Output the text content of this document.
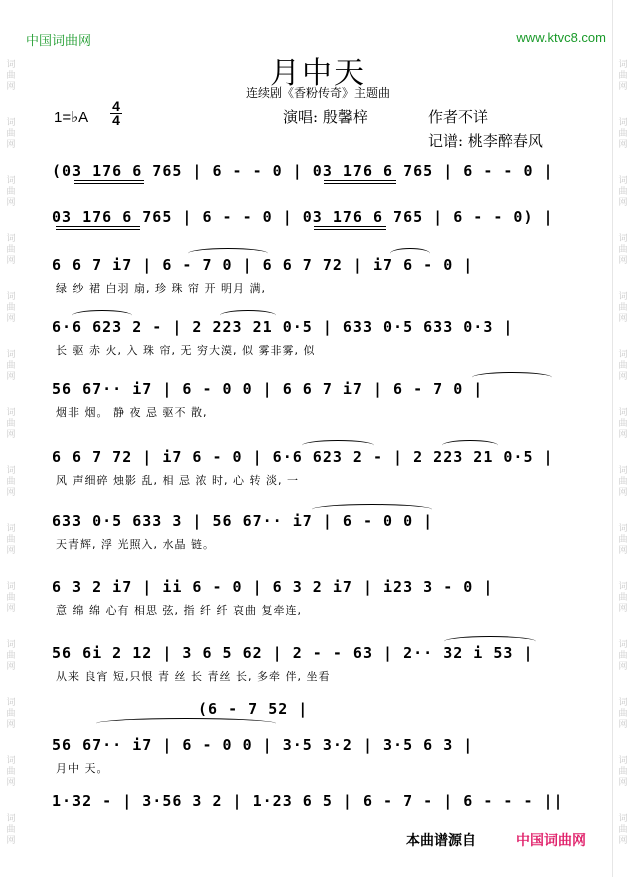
中国词曲网	www.ktvc8.com
月中天
连续剧《香粉传奇》主题曲
1=♭A
4
4	演唱: 殷馨梓	作者不详
记谱: 桃李醉春风
(03 176 6 765 | 6 - - 0 | 03 176 6 765 | 6 - - 0 |
03 176 6 765 | 6 - - 0 | 03 176 6 765 | 6 - - 0) |
6 6 7 i7 | 6 - 7 0 | 6 6 7 72 | i7 6 - 0 |
绿 纱 裙 白羽 扇, 珍 珠 帘 开 明月 满,
6·6 623 2 - | 2 223 21 0·5 | 633 0·5 633 0·3 |
长 驱 赤 火, 入 珠 帘, 无 穷大漠, 似 雾非雾, 似
56 67·· i7 | 6 - 0 0 | 6 6 7 i7 | 6 - 7 0 |
烟非 烟。 静 夜 忌 驱不 散,
6 6 7 72 | i7 6 - 0 | 6·6 623 2 - | 2 223 21 0·5 |
风 声细碎 烛影 乱, 相 忌 浓 时, 心 转 淡, 一
633 0·5 633 3 | 56 67·· i7 | 6 - 0 0 |
天青辉, 浮 光照入, 水晶 链。
6 3 2 i7 | ii 6 - 0 | 6 3 2 i7 | i23 3 - 0 |
意 绵 绵 心有 相思 弦, 指 纤 纤 哀曲 复牵连,
56 6i 2 12 | 3 6 5 62 | 2 - - 63 | 2·· 32 i 53 |
从来 良宵 短,只恨 青 丝 长 青丝 长, 多牵 伴, 坐看
(6 - 7 52 |
56 67·· i7 | 6 - 0 0 | 3·5 3·2 | 3·5 6 3 |
月中 天。
1·32 - | 3·56 3 2 | 1·23 6 5 | 6 - 7 - | 6 - - - ||
本曲谱源自	中国词曲网
词
曲
网
词
曲
网
词
曲
网
词
曲
网
词
曲
网
词
曲
网
词
曲
网
词
曲
网
词
曲
网
词
曲
网
词
曲
网
词
曲
网
词
曲
网
词
曲
网
词
曲
网
词
曲
网
词
曲
网
词
曲
网
词
曲
网
词
曲
网
词
曲
网
词
曲
网
词
曲
网
词
曲
网
词
曲
网
词
曲
网
词
曲
网
词
曲
网
